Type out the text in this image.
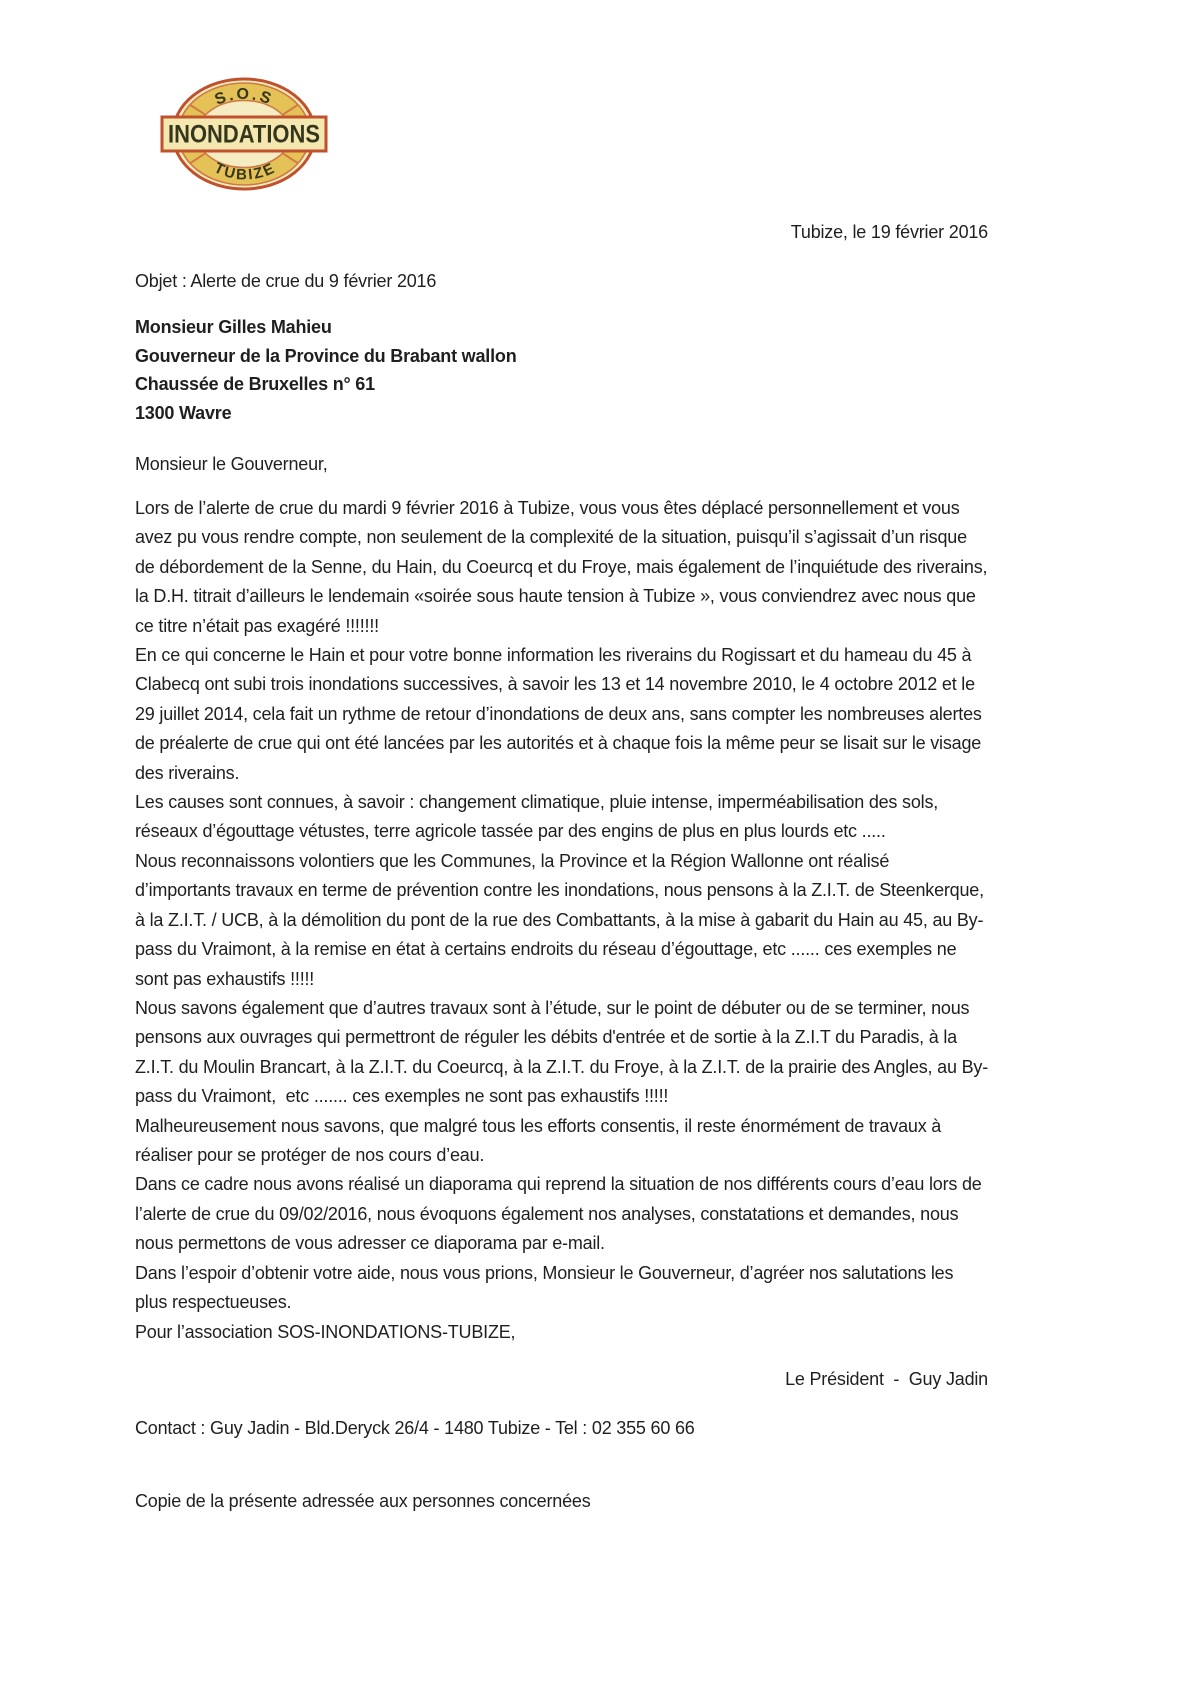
S.O.S
INONDATIONS
TUBIZE
Tubize, le 19 février 2016
Objet : Alerte de crue du 9 février 2016
Monsieur Gilles Mahieu
Gouverneur de la Province du Brabant wallon
Chaussée de Bruxelles n° 61
1300 Wavre
Monsieur le Gouverneur,

Lors de l’alerte de crue du mardi 9 février 2016 à Tubize, vous vous êtes déplacé personnellement et vous avez pu vous rendre compte, non seulement de la complexité de la situation, puisqu’il s’agissait d’un risque de débordement de la Senne, du Hain, du Coeurcq et du Froye, mais également de l’inquiétude des riverains, la D.H. titrait d’ailleurs le lendemain «soirée sous haute tension à Tubize », vous conviendrez avec nous que ce titre n’était pas exagéré !!!!!!!

En ce qui concerne le Hain et pour votre bonne information les riverains du Rogissart et du hameau du 45 à Clabecq ont subi trois inondations successives, à savoir les 13 et 14 novembre 2010, le 4 octobre 2012 et le 29 juillet 2014, cela fait un rythme de retour d’inondations de deux ans, sans compter les nombreuses alertes de préalerte de crue qui ont été lancées par les autorités et à chaque fois la même peur se lisait sur le visage des riverains.

Les causes sont connues, à savoir : changement climatique, pluie intense, imperméabilisation des sols, réseaux d’égouttage vétustes, terre agricole tassée par des engins de plus en plus lourds etc .....

Nous reconnaissons volontiers que les Communes, la Province et la Région Wallonne ont réalisé d’importants travaux en terme de prévention contre les inondations, nous pensons à la Z.I.T. de Steenkerque, à la Z.I.T. / UCB, à la démolition du pont de la rue des Combattants, à la mise à gabarit du Hain au 45, au By-pass du Vraimont, à la remise en état à certains endroits du réseau d’égouttage, etc ...... ces exemples ne sont pas exhaustifs !!!!!

Nous savons également que d’autres travaux sont à l’étude, sur le point de débuter ou de se terminer, nous pensons aux ouvrages qui permettront de réguler les débits d'entrée et de sortie à la Z.I.T du Paradis, à la Z.I.T. du Moulin Brancart, à la Z.I.T. du Coeurcq, à la Z.I.T. du Froye, à la Z.I.T. de la prairie des Angles, au By-pass du Vraimont,  etc ....... ces exemples ne sont pas exhaustifs !!!!!

Malheureusement nous savons, que malgré tous les efforts consentis, il reste énormément de travaux à réaliser pour se protéger de nos cours d’eau.

Dans ce cadre nous avons réalisé un diaporama qui reprend la situation de nos différents cours d’eau lors de l’alerte de crue du 09/02/2016, nous évoquons également nos analyses, constatations et demandes, nous nous permettons de vous adresser ce diaporama par e-mail.

Dans l’espoir d’obtenir votre aide, nous vous prions, Monsieur le Gouverneur, d’agréer nos salutations les plus respectueuses.

Pour l’association SOS-INONDATIONS-TUBIZE,
Le Président  -  Guy Jadin
Contact : Guy Jadin - Bld.Deryck 26/4 - 1480 Tubize - Tel : 02 355 60 66
Copie de la présente adressée aux personnes concernées
